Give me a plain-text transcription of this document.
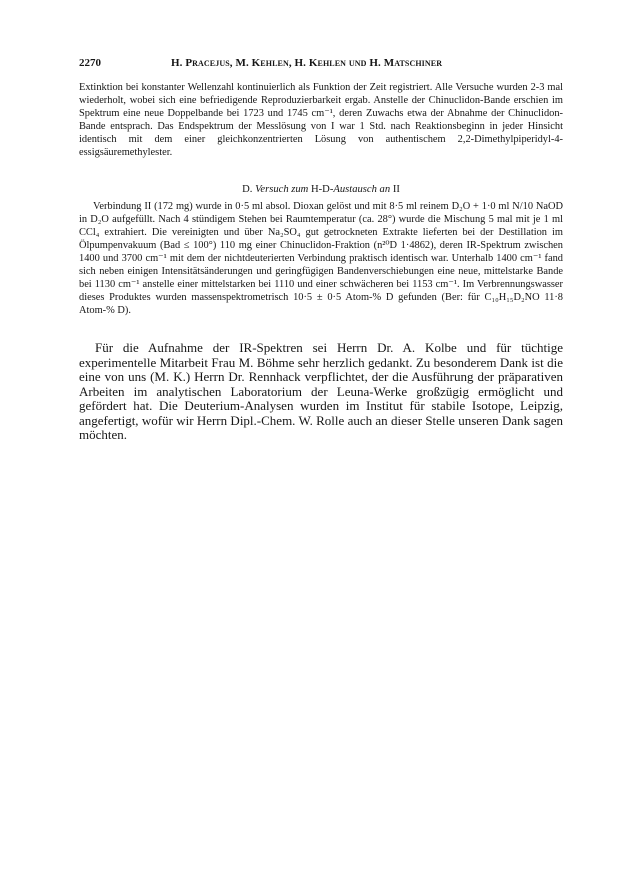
2270	H. Pracejus, M. Kehlen, H. Kehlen und H. Matschiner
Extinktion bei konstanter Wellenzahl kontinuierlich als Funktion der Zeit registriert. Alle Versuche wurden 2-3 mal wiederholt, wobei sich eine befriedigende Reproduzierbarkeit ergab. Anstelle der Chinuclidon-Bande erschien im Spektrum eine neue Doppelbande bei 1723 und 1745 cm⁻¹, deren Zuwachs etwa der Abnahme der Chinuclidon-Bande entsprach. Das Endspektrum der Messlösung von I war 1 Std. nach Reaktionsbeginn in jeder Hinsicht identisch mit dem einer gleichkonzentrierten Lösung von authentischem 2,2-Dimethylpiperidyl-4-essigsäuremethylester.
D. Versuch zum H-D-Austausch an II
Verbindung II (172 mg) wurde in 0·5 ml absol. Dioxan gelöst und mit 8·5 ml reinem D₂O + 1·0 ml N/10 NaOD in D₂O aufgefüllt. Nach 4 stündigem Stehen bei Raumtemperatur (ca. 28°) wurde die Mischung 5 mal mit je 1 ml CCl₄ extrahiert. Die vereinigten und über Na₂SO₄ gut getrockneten Extrakte lieferten bei der Destillation im Ölpumpenvakuum (Bad ≤ 100°) 110 mg einer Chinuclidon-Fraktion (n²⁰D 1·4862), deren IR-Spektrum zwischen 1400 und 3700 cm⁻¹ mit dem der nichtdeuterierten Verbindung praktisch identisch war. Unterhalb 1400 cm⁻¹ fand sich neben einigen Intensitätsänderungen und geringfügigen Bandenverschiebungen eine neue, mittelstarke Bande bei 1130 cm⁻¹ anstelle einer mittelstarken bei 1110 und einer schwächeren bei 1153 cm⁻¹. Im Verbrennungswasser dieses Produktes wurden massenspektrometrisch 10·5 ± 0·5 Atom-% D gefunden (Ber: für C₁₀H₁₅D₂NO 11·8 Atom-% D).
Für die Aufnahme der IR-Spektren sei Herrn Dr. A. Kolbe und für tüchtige experimentelle Mitarbeit Frau M. Böhme sehr herzlich gedankt. Zu besonderem Dank ist die eine von uns (M. K.) Herrn Dr. Rennhack verpflichtet, der die Ausführung der präparativen Arbeiten im analytischen Laboratorium der Leuna-Werke großzügig ermöglicht und gefördert hat. Die Deuterium-Analysen wurden im Institut für stabile Isotope, Leipzig, angefertigt, wofür wir Herrn Dipl.-Chem. W. Rolle auch an dieser Stelle unseren Dank sagen möchten.
